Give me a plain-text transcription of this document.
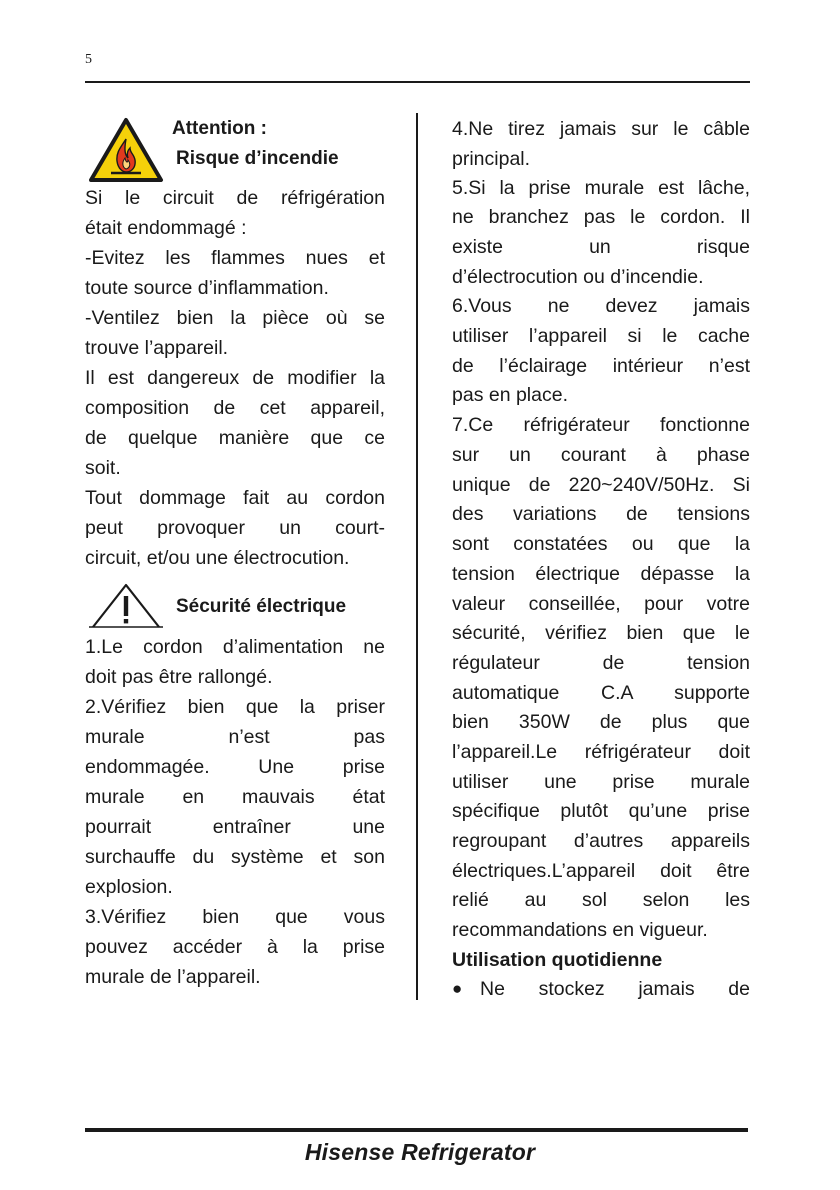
5
Attention :
Risque d’incendie
Si le circuit de réfrigération
était endommagé :
-Evitez les flammes nues et
toute source d’inflammation.
-Ventilez bien la pièce où se
trouve l’appareil.
Il est dangereux de modifier la
composition de cet appareil,
de quelque manière que ce
soit.
Tout dommage fait au cordon
peut provoquer un court-
circuit, et/ou une électrocution.
Sécurité électrique
1.Le cordon d’alimentation ne
doit pas être rallongé.
2.Vérifiez bien que la priser
murale n’est pas
endommagée. Une prise
murale en mauvais état
pourrait entraîner une
surchauffe du système et son
explosion.
3.Vérifiez bien que vous
pouvez accéder à la prise
murale de l’appareil.
4.Ne tirez jamais sur le câble
principal.
5.Si la prise murale est lâche,
ne branchez pas le cordon. Il
existe un risque
d’électrocution ou d’incendie.
6.Vous ne devez jamais
utiliser l’appareil si le cache
de l’éclairage intérieur n’est
pas en place.
7.Ce réfrigérateur fonctionne
sur un courant à phase
unique de 220~240V/50Hz. Si
des variations de tensions
sont constatées ou que la
tension électrique dépasse la
valeur conseillée, pour votre
sécurité, vérifiez bien que le
régulateur de tension
automatique C.A supporte
bien 350W de plus que
l’appareil.Le réfrigérateur doit
utiliser une prise murale
spécifique plutôt qu’une prise
regroupant d’autres appareils
électriques.L’appareil doit être
relié au sol selon les
recommandations en vigueur.
Utilisation quotidienne
● Ne stockez jamais de
Hisense Refrigerator
